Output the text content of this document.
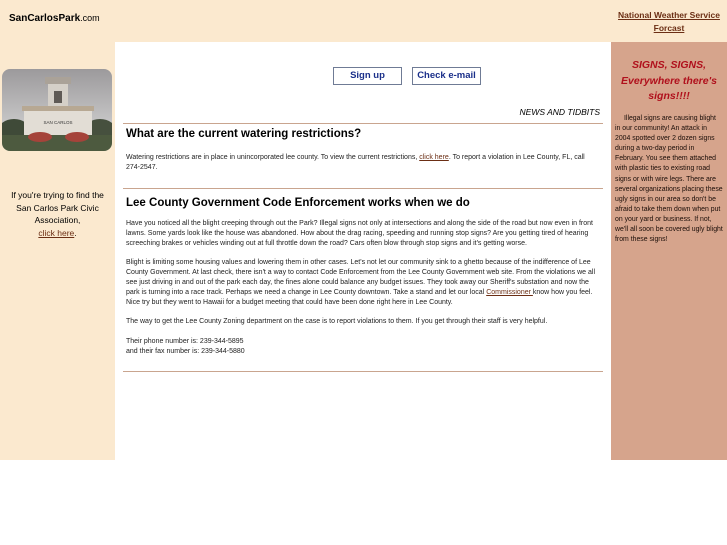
SanCarlosPark.com	National Weather Service Forcast
SAN CARLOS
If you're trying to find the San Carlos Park Civic Association,
click here.
Sign up	Check e-mail
NEWS AND TIDBITS
What are the current watering restrictions?
Watering restrictions are in place in unincorporated lee county. To view the current restrictions, click here. To report a violation in Lee County, FL, call 274-2547.
Lee County Government Code Enforcement works when we do
Have you noticed all the blight creeping through out the Park? Illegal signs not only at intersections and along the side of the road but now even in front lawns. Some yards look like the house was abandoned. How about the drag racing, speeding and running stop signs? Are you getting tired of hearing screeching brakes or vehicles winding out at full throttle down the road? Cars often blow through stop signs and it's getting worse.
Blight is limiting some housing values and lowering them in other cases. Let's not let our community sink to a ghetto because of the indifference of Lee County Government. At last check, there isn't a way to contact Code Enforcement from the Lee County Government web site. From the violations we all see just driving in and out of the park each day, the fines alone could balance any budget issues. They took away our Sheriff's substation and now the park is turning into a race track. Perhaps we need a change in Lee County downtown. Take a stand and let our local Commissioner know how you feel. Nice try but they went to Hawaii for a budget meeting that could have been done right here in Lee County.
The way to get the Lee County Zoning department on the case is to report violations to them. If you get through their staff is very helpful.
Their phone number is: 239-344-5895
and their fax number is: 239-344-5880
SIGNS, SIGNS, Everywhere there's signs!!!!
Illegal signs are causing blight in our community! An attack in 2004 spotted over 2 dozen signs during a two-day period in February. You see them attached with plastic ties to existing road signs or with wire legs. There are several organizations placing these ugly signs in our area so don't be afraid to take them down when put on your yard or business. If not, we'll all soon be covered ugly blight from these signs!
